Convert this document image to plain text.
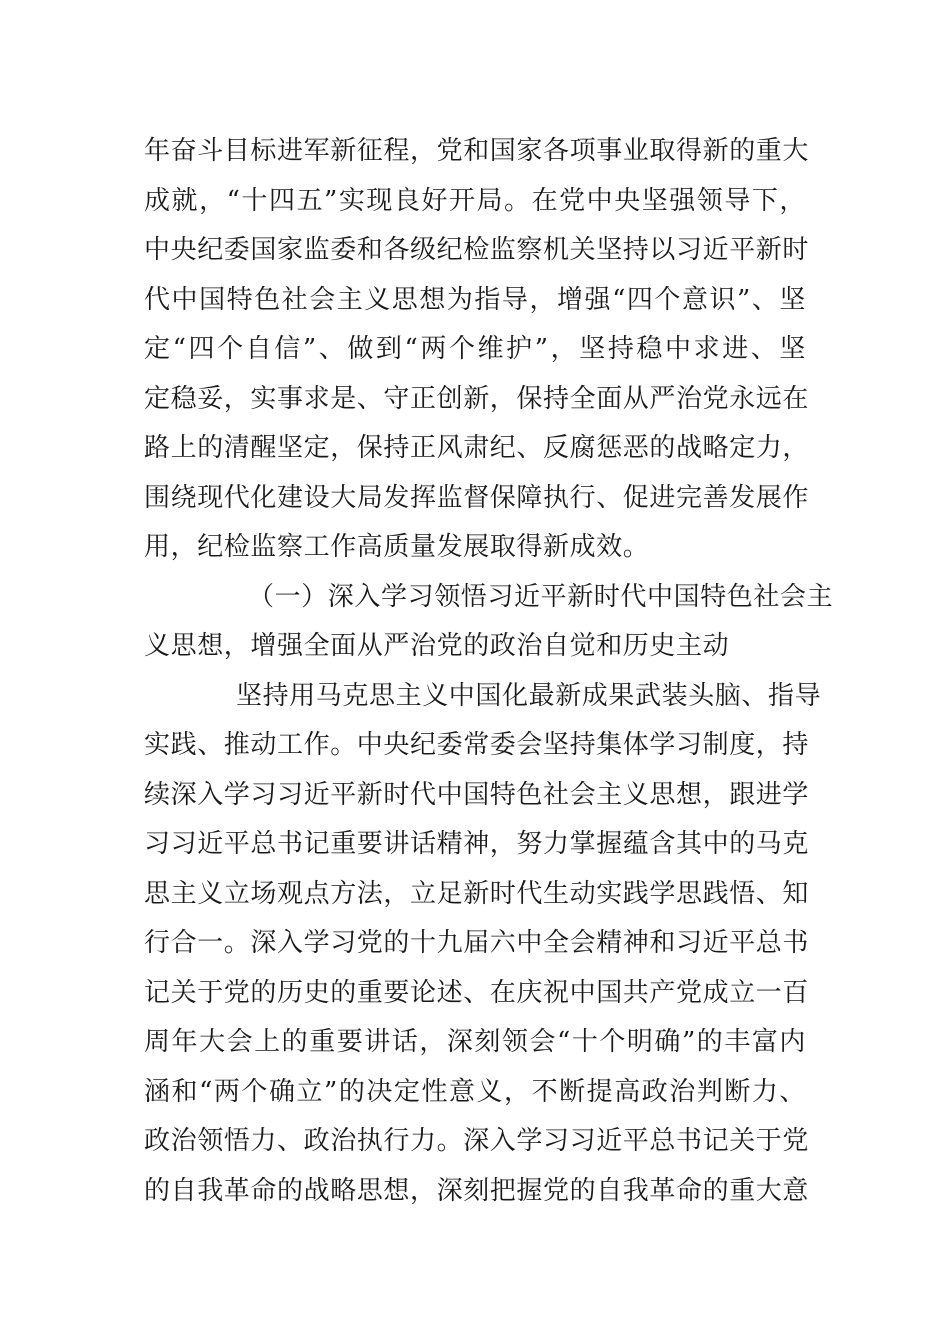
年奋斗目标进军新征程，党和国家各项事业取得新的重大
成就，“十四五”实现良好开局。在党中央坚强领导下，
中央纪委国家监委和各级纪检监察机关坚持以习近平新时
代中国特色社会主义思想为指导，增强“四个意识”、坚
定“四个自信”、做到“两个维护”，坚持稳中求进、坚
定稳妥，实事求是、守正创新，保持全面从严治党永远在
路上的清醒坚定，保持正风肃纪、反腐惩恶的战略定力，
围绕现代化建设大局发挥监督保障执行、促进完善发展作
用，纪检监察工作高质量发展取得新成效。
（一）深入学习领悟习近平新时代中国特色社会主
义思想，增强全面从严治党的政治自觉和历史主动
坚持用马克思主义中国化最新成果武装头脑、指导
实践、推动工作。中央纪委常委会坚持集体学习制度，持
续深入学习习近平新时代中国特色社会主义思想，跟进学
习习近平总书记重要讲话精神，努力掌握蕴含其中的马克
思主义立场观点方法，立足新时代生动实践学思践悟、知
行合一。深入学习党的十九届六中全会精神和习近平总书
记关于党的历史的重要论述、在庆祝中国共产党成立一百
周年大会上的重要讲话，深刻领会“十个明确”的丰富内
涵和“两个确立”的决定性意义，不断提高政治判断力、
政治领悟力、政治执行力。深入学习习近平总书记关于党
的自我革命的战略思想，深刻把握党的自我革命的重大意
